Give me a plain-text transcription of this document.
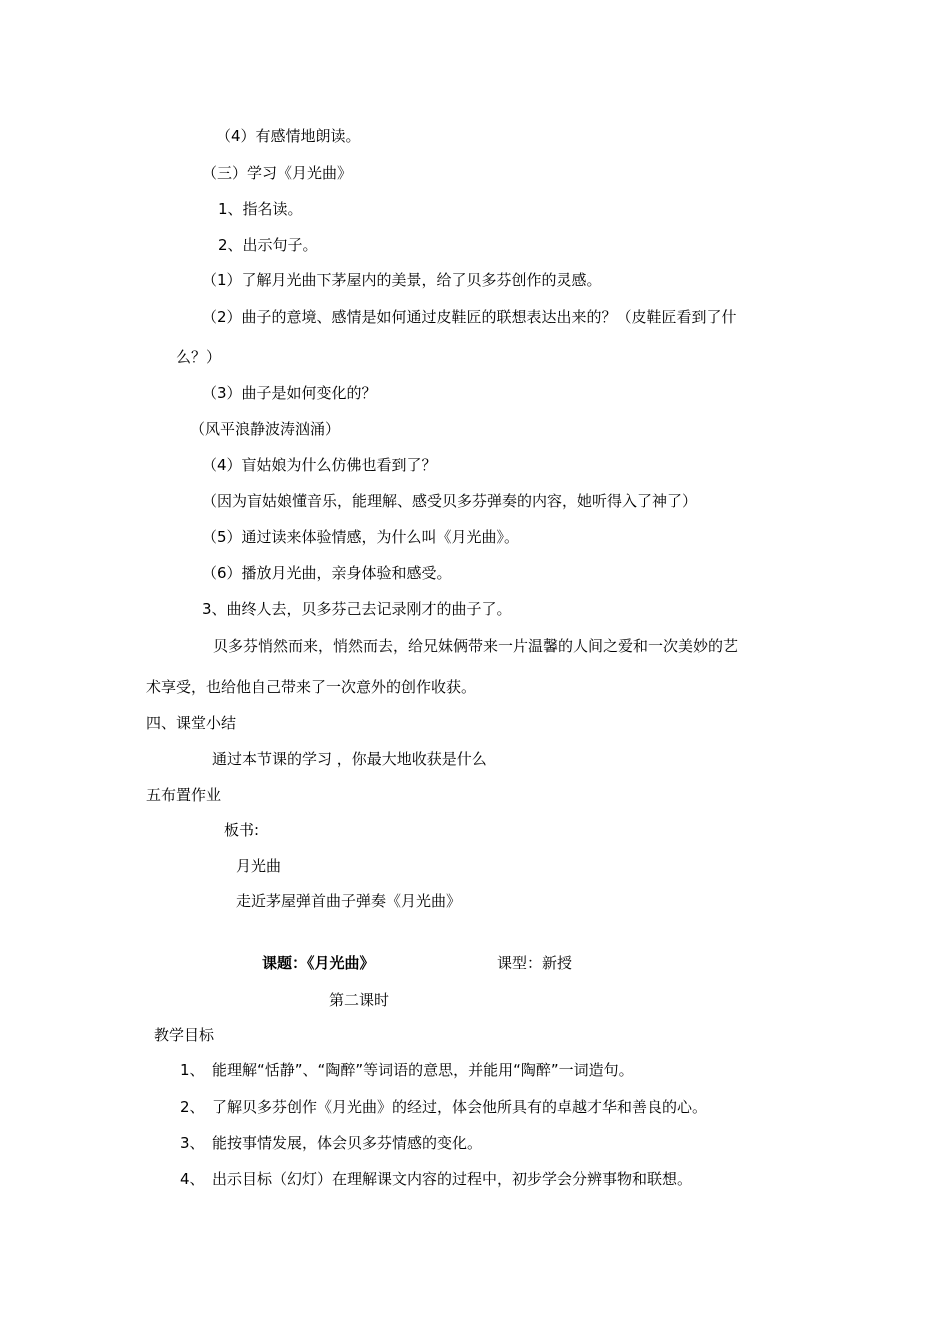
（4）有感情地朗读。
（三）学习《月光曲》
1、指名读。
2、出示句子。
（1）了解月光曲下茅屋内的美景，给了贝多芬创作的灵感。
（2）曲子的意境、感情是如何通过皮鞋匠的联想表达出来的？（皮鞋匠看到了什
么？）
（3）曲子是如何变化的？
（风平浪静波涛汹涌）
（4）盲姑娘为什么仿佛也看到了？
（因为盲姑娘懂音乐，能理解、感受贝多芬弹奏的内容，她听得入了神了）
（5）通过读来体验情感，为什么叫《月光曲》。
（6）播放月光曲，亲身体验和感受。
3、曲终人去，贝多芬己去记录刚才的曲子了。
贝多芬悄然而来，悄然而去，给兄妹俩带来一片温馨的人间之爱和一次美妙的艺
术享受，也给他自己带来了一次意外的创作收获。
四、课堂小结
通过本节课的学习 ，你最大地收获是什么
五布置作业
板书:
月光曲
走近茅屋弹首曲子弹奏《月光曲》
课题：《月光曲》	课型：新授
第二课时
教学目标
1、 能理解“恬静”、“陶醉”等词语的意思，并能用“陶醉”一词造句。
2、 了解贝多芬创作《月光曲》的经过，体会他所具有的卓越才华和善良的心。
3、 能按事情发展，体会贝多芬情感的变化。
4、 出示目标（幻灯）在理解课文内容的过程中，初步学会分辨事物和联想。
